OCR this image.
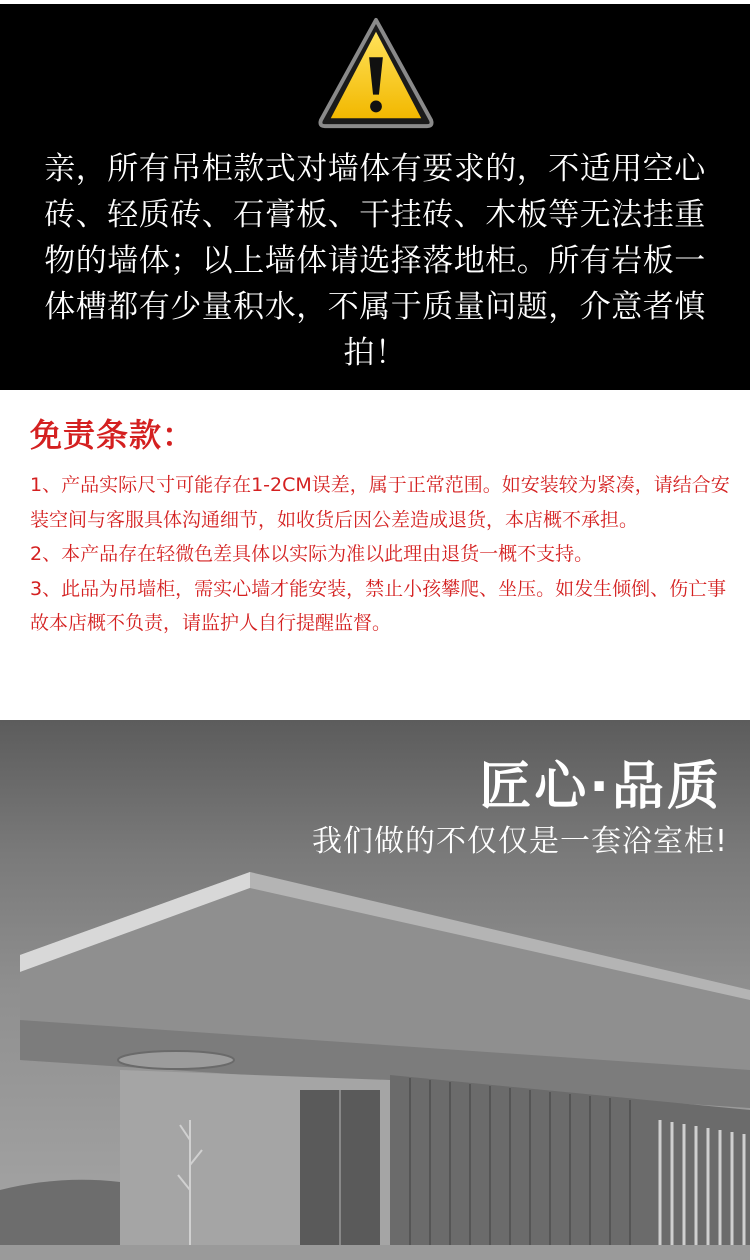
亲，所有吊柜款式对墙体有要求的，不适用空心砖、轻质砖、石膏板、干挂砖、木板等无法挂重物的墙体；以上墙体请选择落地柜。所有岩板一体槽都有少量积水，不属于质量问题，介意者慎拍！
免责条款：

1、产品实际尺寸可能存在1-2CM误差，属于正常范围。如安装较为紧凑，请结合安装空间与客服具体沟通细节，如收货后因公差造成退货，本店概不承担。

2、本产品存在轻微色差具体以实际为准以此理由退货一概不支持。

3、此品为吊墙柜，需实心墙才能安装，禁止小孩攀爬、坐压。如发生倾倒、伤亡事故本店概不负责，请监护人自行提醒监督。

匠心·品质
我们做的不仅仅是一套浴室柜!
